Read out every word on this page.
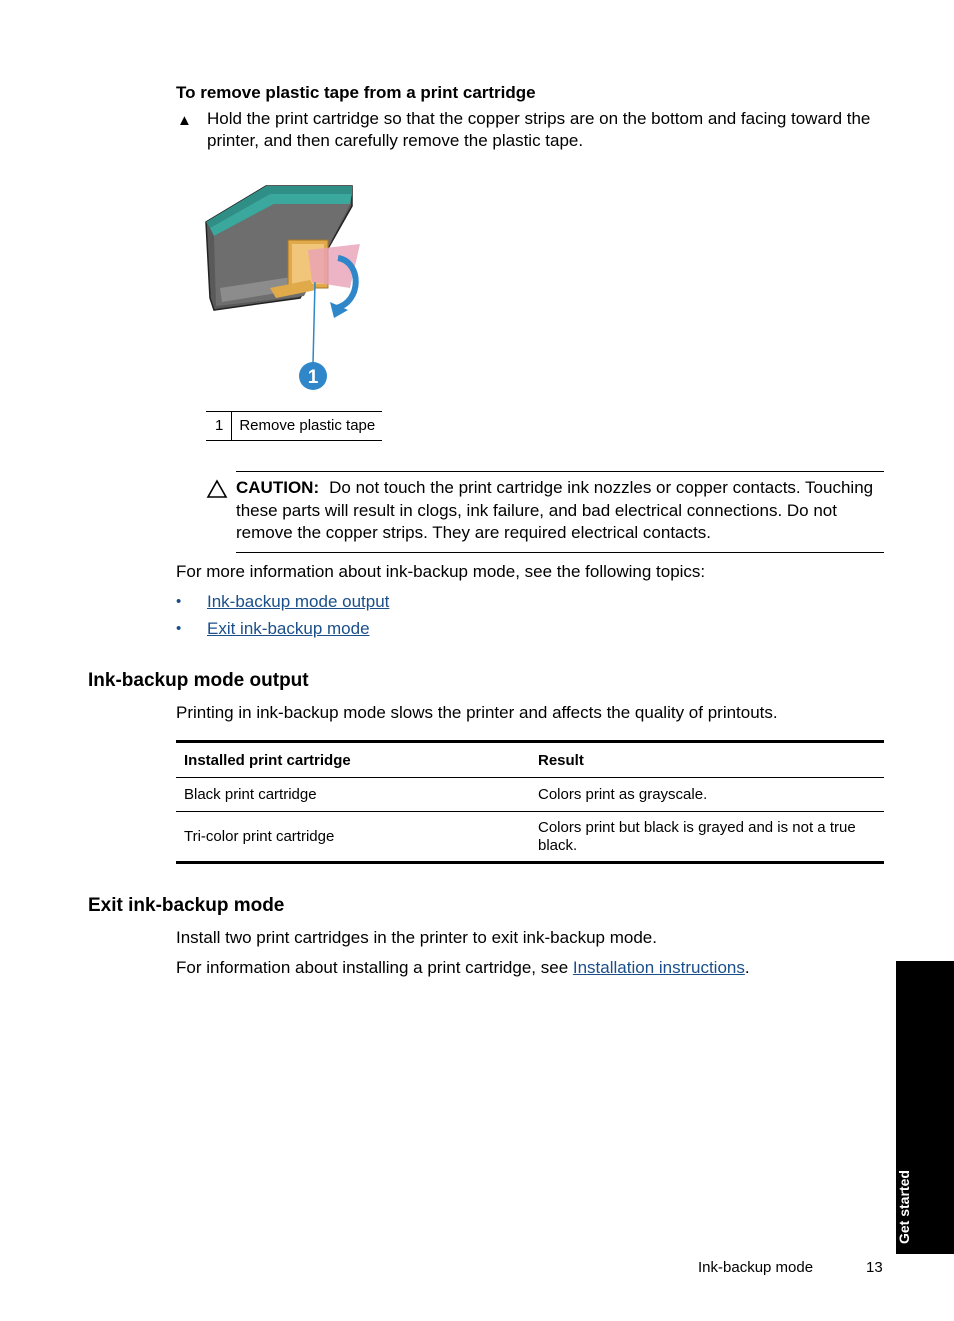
To remove plastic tape from a print cartridge
▲ Hold the print cartridge so that the copper strips are on the bottom and facing toward the printer, and then carefully remove the plastic tape.
1
1	Remove plastic tape
CAUTION: Do not touch the print cartridge ink nozzles or copper contacts. Touching these parts will result in clogs, ink failure, and bad electrical connections. Do not remove the copper strips. They are required electrical contacts.
For more information about ink-backup mode, see the following topics:
• Ink-backup mode output
• Exit ink-backup mode
Ink-backup mode output
Printing in ink-backup mode slows the printer and affects the quality of printouts.
Installed print cartridge	Result
Black print cartridge	Colors print as grayscale.
Tri-color print cartridge	Colors print but black is grayed and is not a true black.
Exit ink-backup mode
Install two print cartridges in the printer to exit ink-backup mode.
For information about installing a print cartridge, see Installation instructions.
Get started
Ink-backup mode	13
